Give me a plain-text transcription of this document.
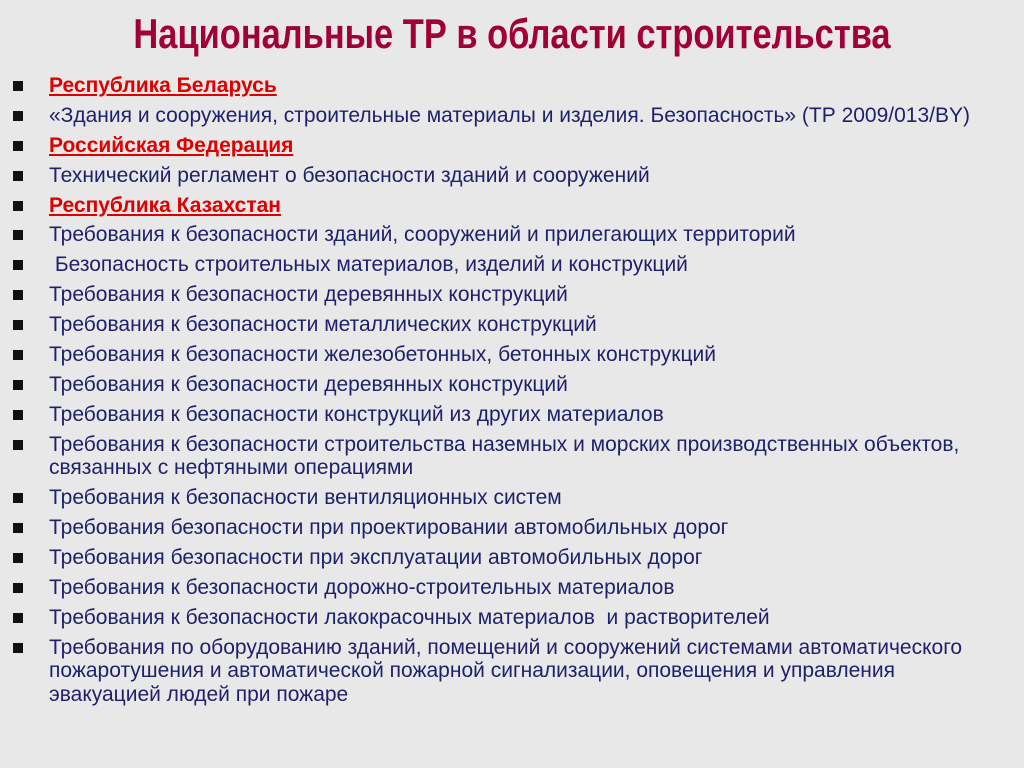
Национальные ТР в области строительства
Республика Беларусь
«Здания и сооружения, строительные материалы и изделия. Безопасность» (ТР 2009/013/BY)
Российская Федерация
Технический регламент о безопасности зданий и сооружений
Республика Казахстан
Требования к безопасности зданий, сооружений и прилегающих территорий
Безопасность строительных материалов, изделий и конструкций
Требования к безопасности деревянных конструкций
Требования к безопасности металлических конструкций
Требования к безопасности железобетонных, бетонных конструкций
Требования к безопасности деревянных конструкций
Требования к безопасности конструкций из других материалов
Требования к безопасности строительства наземных и морских производственных объектов, связанных с нефтяными операциями
Требования к безопасности вентиляционных систем
Требования безопасности при проектировании автомобильных дорог
Требования безопасности при эксплуатации автомобильных дорог
Требования к безопасности дорожно-строительных материалов
Требования к безопасности лакокрасочных материалов  и растворителей
Требования по оборудованию зданий, помещений и сооружений системами автоматического пожаротушения и автоматической пожарной сигнализации, оповещения и управления эвакуацией людей при пожаре
